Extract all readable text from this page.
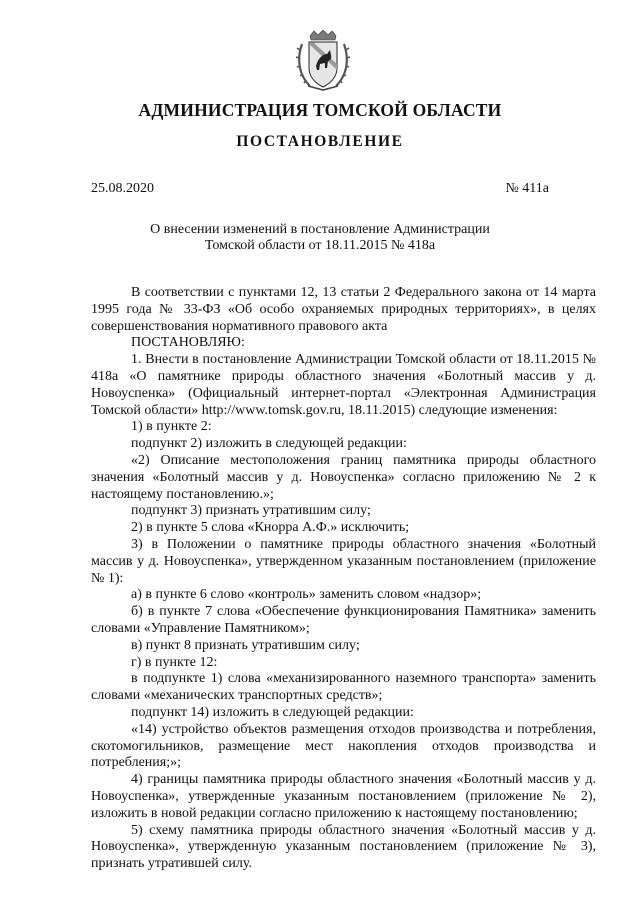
АДМИНИСТРАЦИЯ ТОМСКОЙ ОБЛАСТИ
ПОСТАНОВЛЕНИЕ
25.08.2020	№ 411а
О внесении изменений в постановление Администрации
Томской области от 18.11.2015 № 418а

В соответствии с пунктами 12, 13 статьи 2 Федерального закона от 14 марта 1995 года № 33-ФЗ «Об особо охраняемых природных территориях», в целях совершенствования нормативного правового акта

ПОСТАНОВЛЯЮ:

1. Внести в постановление Администрации Томской области от 18.11.2015 № 418а «О памятнике природы областного значения «Болотный массив у д. Новоуспенка» (Официальный интернет-портал «Электронная Администрация Томской области» http://www.tomsk.gov.ru, 18.11.2015) следующие изменения:

1) в пункте 2:

подпункт 2) изложить в следующей редакции:

«2) Описание местоположения границ памятника природы областного значения «Болотный массив у д. Новоуспенка» согласно приложению № 2 к настоящему постановлению.»;

подпункт 3) признать утратившим силу;

2) в пункте 5 слова «Кнорра А.Ф.» исключить;

3) в Положении о памятнике природы областного значения «Болотный массив у д. Новоуспенка», утвержденном указанным постановлением (приложение № 1):

а) в пункте 6 слово «контроль» заменить словом «надзор»;

б) в пункте 7 слова «Обеспечение функционирования Памятника» заменить словами «Управление Памятником»;

в) пункт 8 признать утратившим силу;

г) в пункте 12:

в подпункте 1) слова «механизированного наземного транспорта» заменить словами «механических транспортных средств»;

подпункт 14) изложить в следующей редакции:

«14) устройство объектов размещения отходов производства и потребления, скотомогильников, размещение мест накопления отходов производства и потребления;»;

4) границы памятника природы областного значения «Болотный массив у д. Новоуспенка», утвержденные указанным постановлением (приложение № 2), изложить в новой редакции согласно приложению к настоящему постановлению;

5) схему памятника природы областного значения «Болотный массив у д. Новоуспенка», утвержденную указанным постановлением (приложение № 3), признать утратившей силу.
